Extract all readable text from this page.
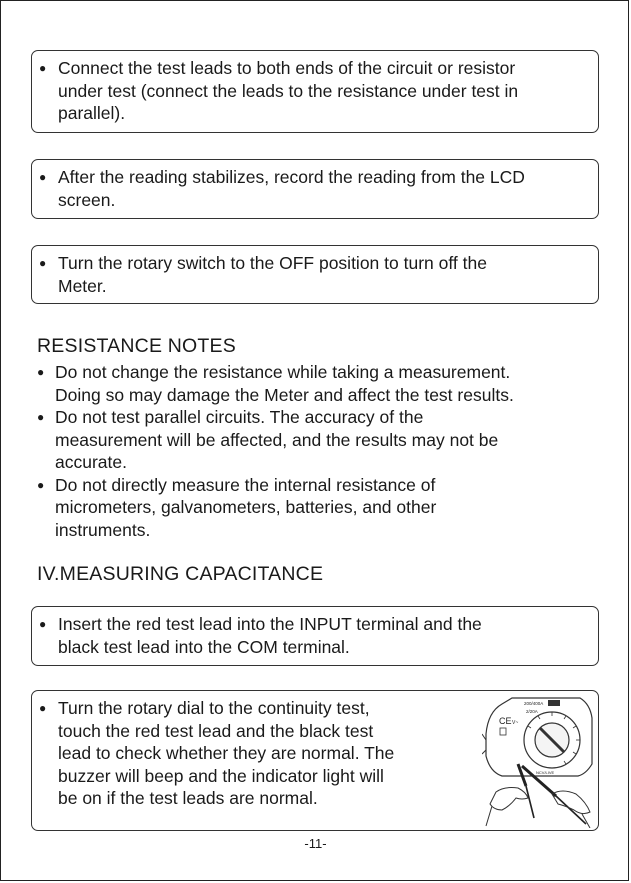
● Connect the test leads to both ends of the circuit or resistor
under test (connect the leads to the resistance under test in
parallel).
● After the reading stabilizes, record the reading from the LCD
screen.
● Turn the rotary switch to the OFF position to turn off the
Meter.
RESISTANCE NOTES
● Do not change the resistance while taking a measurement.
Doing so may damage the Meter and affect the test results.
● Do not test parallel circuits. The accuracy of the
measurement will be affected, and the results may not be
accurate.
● Do not directly measure the internal resistance of
micrometers, galvanometers, batteries, and other
instruments.
IV.MEASURING CAPACITANCE
● Insert the red test lead into the INPUT terminal and the
black test lead into the COM terminal.
● Turn the rotary dial to the continuity test,
touch the red test lead and the black test
lead to check whether they are normal. The
buzzer will beep and the indicator light will
be on if the test leads are normal.
200/400A
2/20A
CE V~
NCV/LIVE
-11-
